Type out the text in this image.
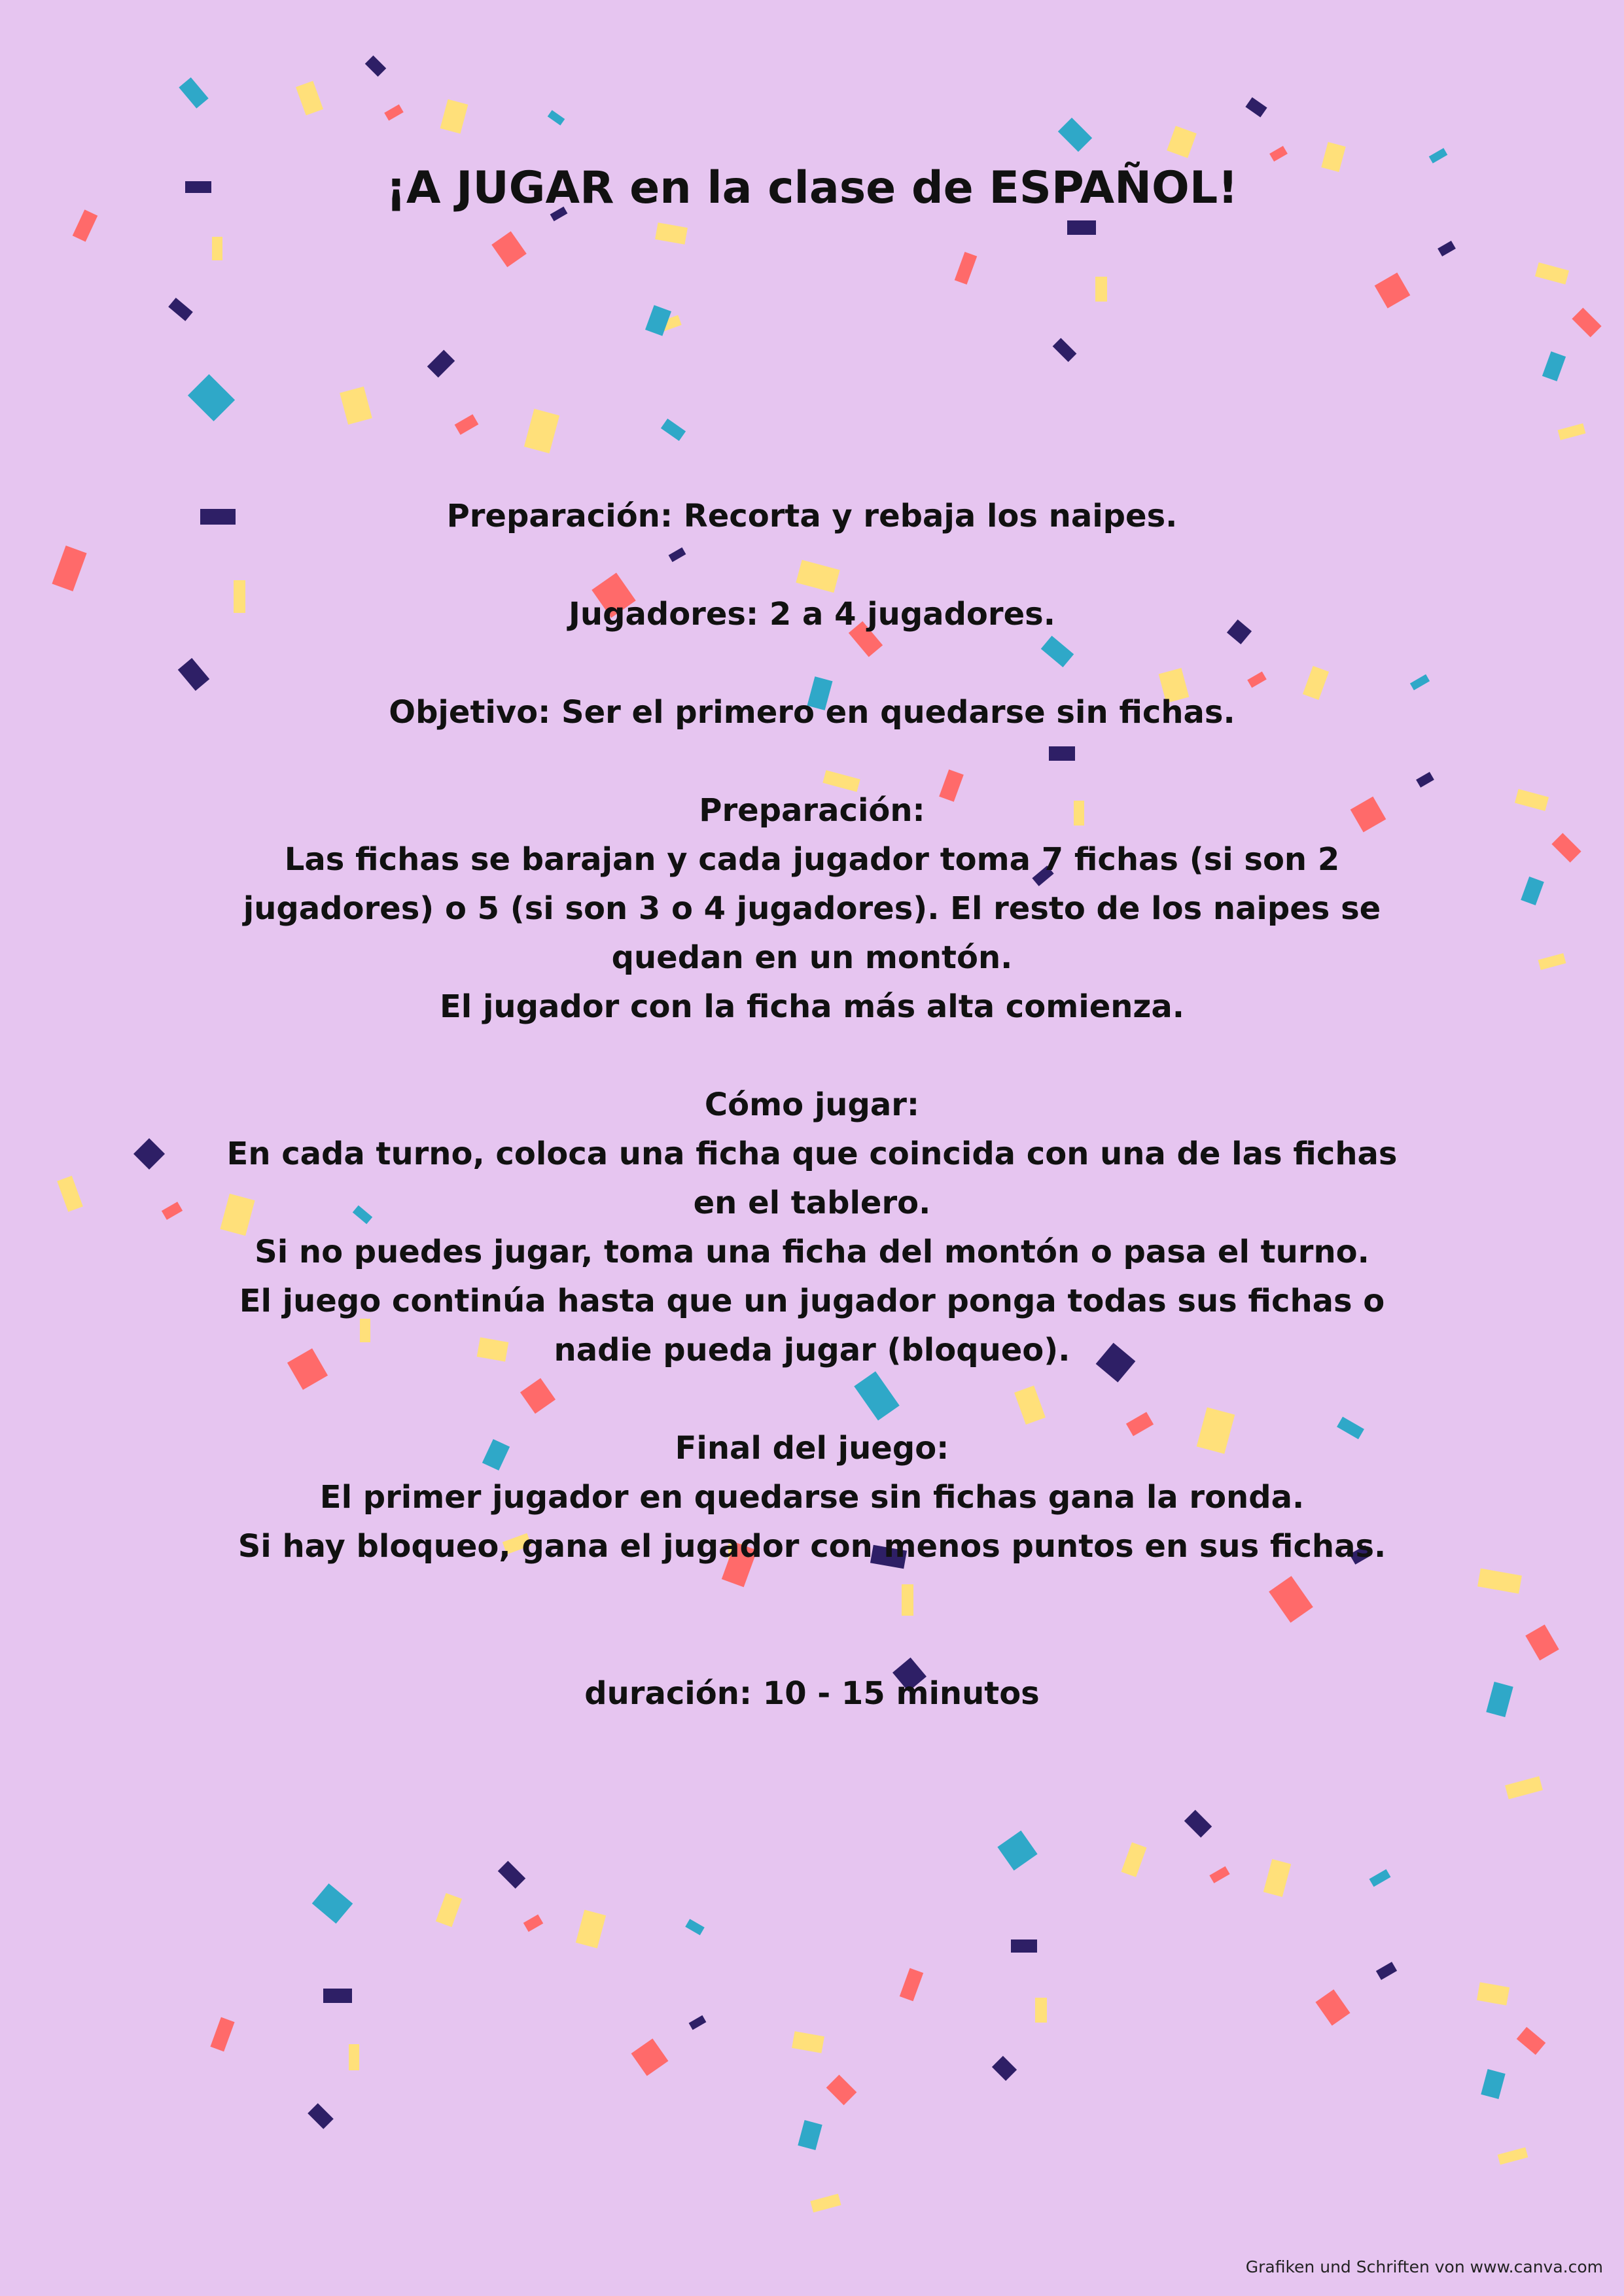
¡A JUGAR en la clase de ESPAÑOL!
Preparación: Recorta y rebaja los naipes.
Jugadores: 2 a 4 jugadores.
Objetivo: Ser el primero en quedarse sin fichas.
Preparación:
Las fichas se barajan y cada jugador toma 7 fichas (si son 2
jugadores) o 5 (si son 3 o 4 jugadores). El resto de los naipes se
quedan en un montón.
El jugador con la ficha más alta comienza.
Cómo jugar:
En cada turno, coloca una ficha que coincida con una de las fichas
en el tablero.
Si no puedes jugar, toma una ficha del montón o pasa el turno.
El juego continúa hasta que un jugador ponga todas sus fichas o
nadie pueda jugar (bloqueo).
Final del juego:
El primer jugador en quedarse sin fichas gana la ronda.
Si hay bloqueo, gana el jugador con menos puntos en sus fichas.
duración: 10 - 15 minutos
Grafiken und Schriften von www.canva.com
